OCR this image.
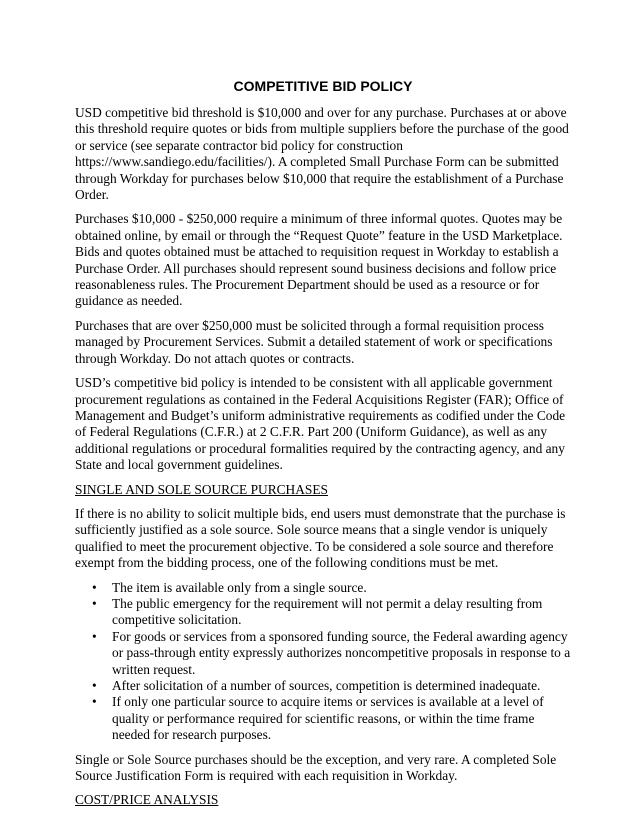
COMPETITIVE BID POLICY

USD competitive bid threshold is $10,000 and over for any purchase. Purchases at or above this threshold require quotes or bids from multiple suppliers before the purchase of the good or service (see separate contractor bid policy for construction https://www.sandiego.edu/facilities/). A completed Small Purchase Form can be submitted through Workday for purchases below $10,000 that require the establishment of a Purchase Order.

Purchases $10,000 - $250,000 require a minimum of three informal quotes. Quotes may be obtained online, by email or through the “Request Quote” feature in the USD Marketplace. Bids and quotes obtained must be attached to requisition request in Workday to establish a Purchase Order. All purchases should represent sound business decisions and follow price reasonableness rules. The Procurement Department should be used as a resource or for guidance as needed.

Purchases that are over $250,000 must be solicited through a formal requisition process managed by Procurement Services. Submit a detailed statement of work or specifications through Workday. Do not attach quotes or contracts.

USD’s competitive bid policy is intended to be consistent with all applicable government procurement regulations as contained in the Federal Acquisitions Register (FAR); Office of Management and Budget’s uniform administrative requirements as codified under the Code of Federal Regulations (C.F.R.) at 2 C.F.R. Part 200 (Uniform Guidance), as well as any additional regulations or procedural formalities required by the contracting agency, and any State and local government guidelines.

SINGLE AND SOLE SOURCE PURCHASES

If there is no ability to solicit multiple bids, end users must demonstrate that the purchase is sufficiently justified as a sole source. Sole source means that a single vendor is uniquely qualified to meet the procurement objective. To be considered a sole source and therefore exempt from the bidding process, one of the following conditions must be met.

• The item is available only from a single source.
• The public emergency for the requirement will not permit a delay resulting from competitive solicitation.
• For goods or services from a sponsored funding source, the Federal awarding agency or pass-through entity expressly authorizes noncompetitive proposals in response to a written request.
• After solicitation of a number of sources, competition is determined inadequate.
• If only one particular source to acquire items or services is available at a level of quality or performance required for scientific reasons, or within the time frame needed for research purposes.

Single or Sole Source purchases should be the exception, and very rare. A completed Sole Source Justification Form is required with each requisition in Workday.

COST/PRICE ANALYSIS
